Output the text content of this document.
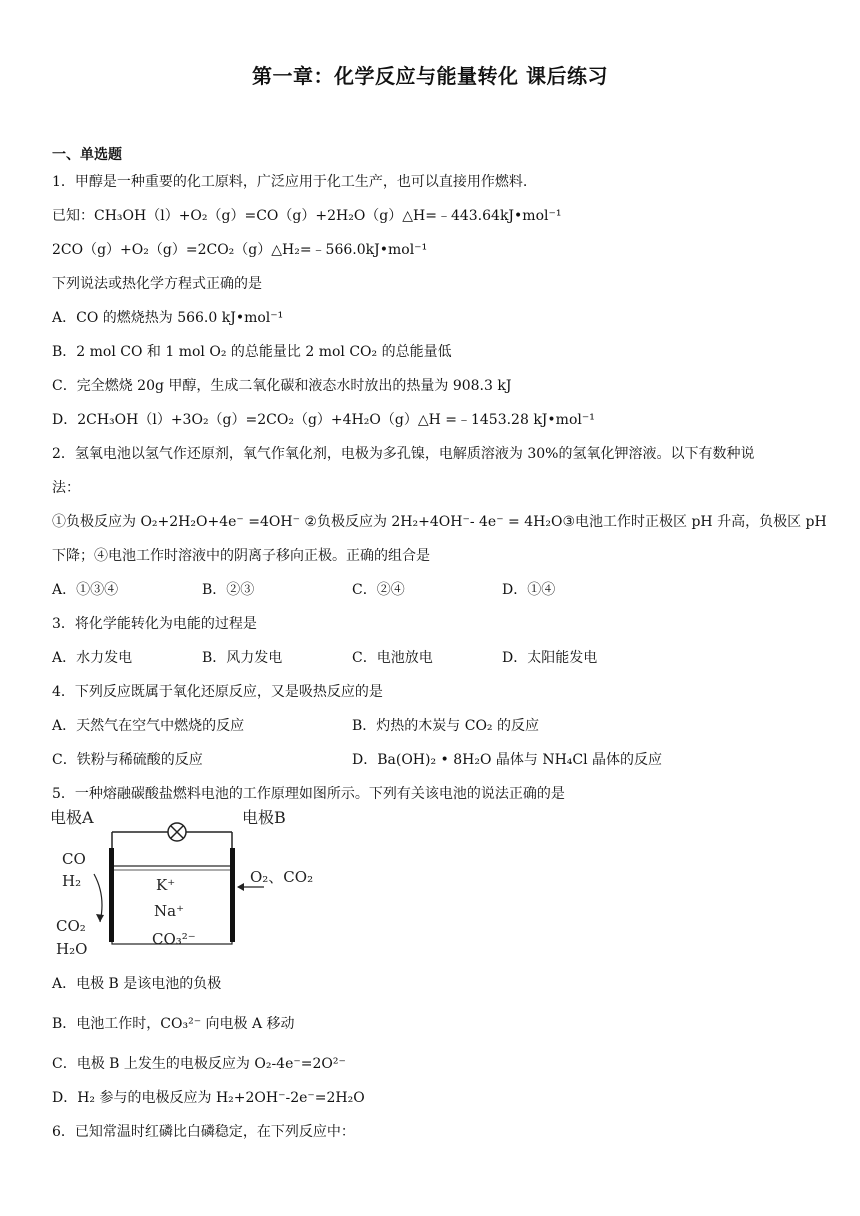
第一章：化学反应与能量转化 课后练习
一、单选题
1．甲醇是一种重要的化工原料，广泛应用于化工生产，也可以直接用作燃料.
已知：CH₃OH（l）+O₂（g）=CO（g）+2H₂O（g）△H=﹣443.64kJ•mol⁻¹
2CO（g）+O₂（g）=2CO₂（g）△H₂=﹣566.0kJ•mol⁻¹
下列说法或热化学方程式正确的是
A．CO 的燃烧热为 566.0 kJ•mol⁻¹
B．2 mol CO 和 1 mol O₂ 的总能量比 2 mol CO₂ 的总能量低
C．完全燃烧 20g 甲醇，生成二氧化碳和液态水时放出的热量为 908.3 kJ
D．2CH₃OH（l）+3O₂（g）=2CO₂（g）+4H₂O（g）△H =﹣1453.28 kJ•mol⁻¹
2．氢氧电池以氢气作还原剂，氧气作氧化剂，电极为多孔镍，电解质溶液为 30%的氢氧化钾溶液。以下有数种说
法：
①负极反应为 O₂+2H₂O+4e⁻ =4OH⁻ ②负极反应为 2H₂+4OH⁻- 4e⁻ = 4H₂O③电池工作时正极区 pH 升高，负极区 pH
下降；④电池工作时溶液中的阴离子移向正极。正确的组合是
A．①③④	B．②③	C．②④	D．①④
3．将化学能转化为电能的过程是
A．水力发电	B．风力发电	C．电池放电	D．太阳能发电
4．下列反应既属于氧化还原反应，又是吸热反应的是
A．天然气在空气中燃烧的反应	B．灼热的木炭与 CO₂ 的反应
C．铁粉与稀硫酸的反应	D．Ba(OH)₂ • 8H₂O 晶体与 NH₄Cl 晶体的反应
5．一种熔融碳酸盐燃料电池的工作原理如图所示。下列有关该电池的说法正确的是
电极A	电极B
CO
H₂
CO₂
H₂O
O₂、CO₂
K⁺
Na⁺
CO₃²⁻
A．电极 B 是该电池的负极
B．电池工作时，CO₃²⁻ 向电极 A 移动
C．电极 B 上发生的电极反应为 O₂-4e⁻=2O²⁻
D．H₂ 参与的电极反应为 H₂+2OH⁻-2e⁻=2H₂O
6．已知常温时红磷比白磷稳定，在下列反应中：
